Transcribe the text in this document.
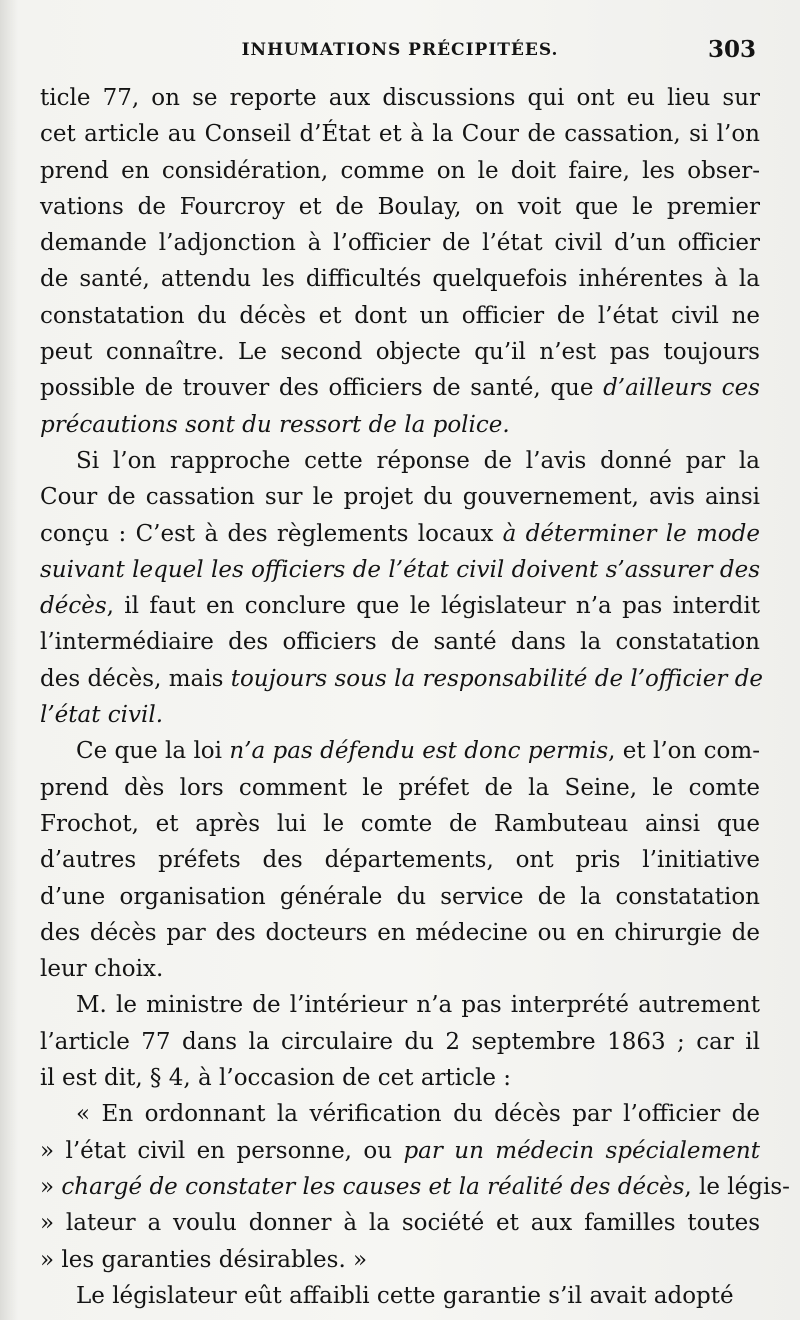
INHUMATIONS PRÉCIPITÉES.	303
ticle 77, on se reporte aux discussions qui ont eu lieu sur
cet article au Conseil d’État et à la Cour de cassation, si l’on
prend en considération, comme on le doit faire, les obser-
vations de Fourcroy et de Boulay, on voit que le premier
demande l’adjonction à l’officier de l’état civil d’un officier
de santé, attendu les difficultés quelquefois inhérentes à la
constatation du décès et dont un officier de l’état civil ne
peut connaître. Le second objecte qu’il n’est pas toujours
possible de trouver des officiers de santé, que d’ailleurs ces
précautions sont du ressort de la police.
Si l’on rapproche cette réponse de l’avis donné par la
Cour de cassation sur le projet du gouvernement, avis ainsi
conçu : C’est à des règlements locaux à déterminer le mode
suivant lequel les officiers de l’état civil doivent s’assurer des
décès, il faut en conclure que le législateur n’a pas interdit
l’intermédiaire des officiers de santé dans la constatation
des décès, mais toujours sous la responsabilité de l’officier de
l’état civil.
Ce que la loi n’a pas défendu est donc permis, et l’on com-
prend dès lors comment le préfet de la Seine, le comte
Frochot, et après lui le comte de Rambuteau ainsi que
d’autres préfets des départements, ont pris l’initiative
d’une organisation générale du service de la constatation
des décès par des docteurs en médecine ou en chirurgie de
leur choix.
M. le ministre de l’intérieur n’a pas interprété autrement
l’article 77 dans la circulaire du 2 septembre 1863 ; car il
il est dit, § 4, à l’occasion de cet article :
« En ordonnant la vérification du décès par l’officier de
» l’état civil en personne, ou par un médecin spécialement
» chargé de constater les causes et la réalité des décès, le légis-
» lateur a voulu donner à la société et aux familles toutes
» les garanties désirables. »
Le législateur eût affaibli cette garantie s’il avait adopté
